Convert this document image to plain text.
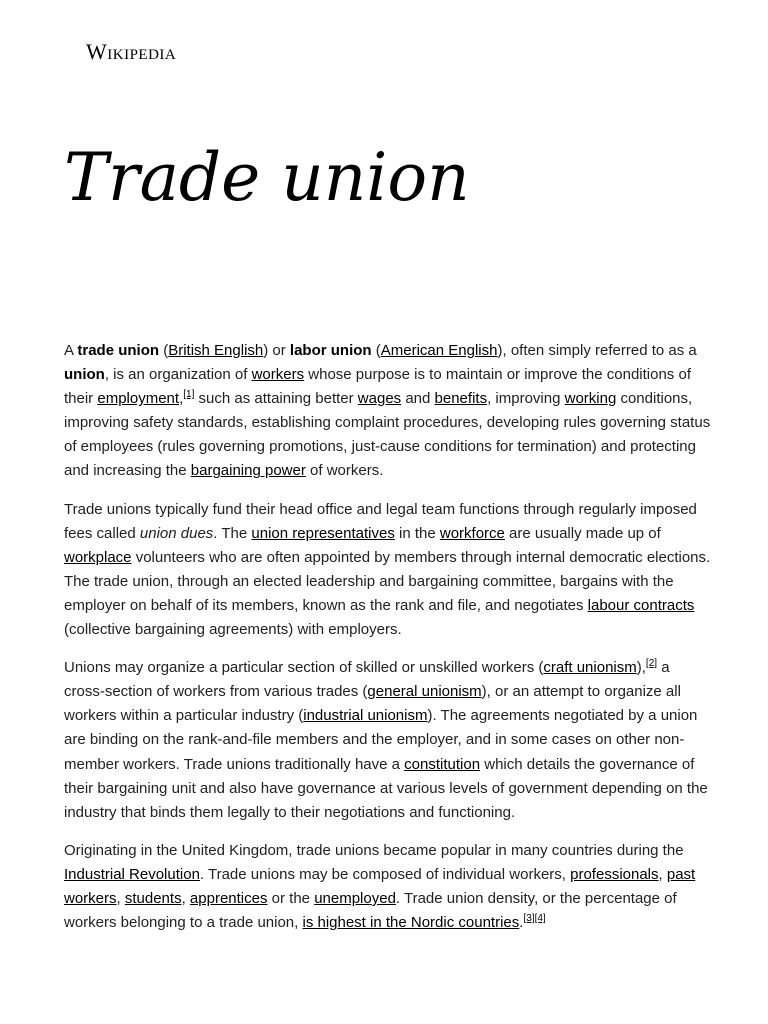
Wikipedia
Trade union

A trade union (British English) or labor union (American English), often simply referred to as a union, is an organization of workers whose purpose is to maintain or improve the conditions of their employment,[1] such as attaining better wages and benefits, improving working conditions, improving safety standards, establishing complaint procedures, developing rules governing status of employees (rules governing promotions, just-cause conditions for termination) and protecting and increasing the bargaining power of workers.

Trade unions typically fund their head office and legal team functions through regularly imposed fees called union dues. The union representatives in the workforce are usually made up of workplace volunteers who are often appointed by members through internal democratic elections. The trade union, through an elected leadership and bargaining committee, bargains with the employer on behalf of its members, known as the rank and file, and negotiates labour contracts (collective bargaining agreements) with employers.

Unions may organize a particular section of skilled or unskilled workers (craft unionism),[2] a cross-section of workers from various trades (general unionism), or an attempt to organize all workers within a particular industry (industrial unionism). The agreements negotiated by a union are binding on the rank-and-file members and the employer, and in some cases on other non-member workers. Trade unions traditionally have a constitution which details the governance of their bargaining unit and also have governance at various levels of government depending on the industry that binds them legally to their negotiations and functioning.

Originating in the United Kingdom, trade unions became popular in many countries during the Industrial Revolution. Trade unions may be composed of individual workers, professionals, past workers, students, apprentices or the unemployed. Trade union density, or the percentage of workers belonging to a trade union, is highest in the Nordic countries.[3][4]
